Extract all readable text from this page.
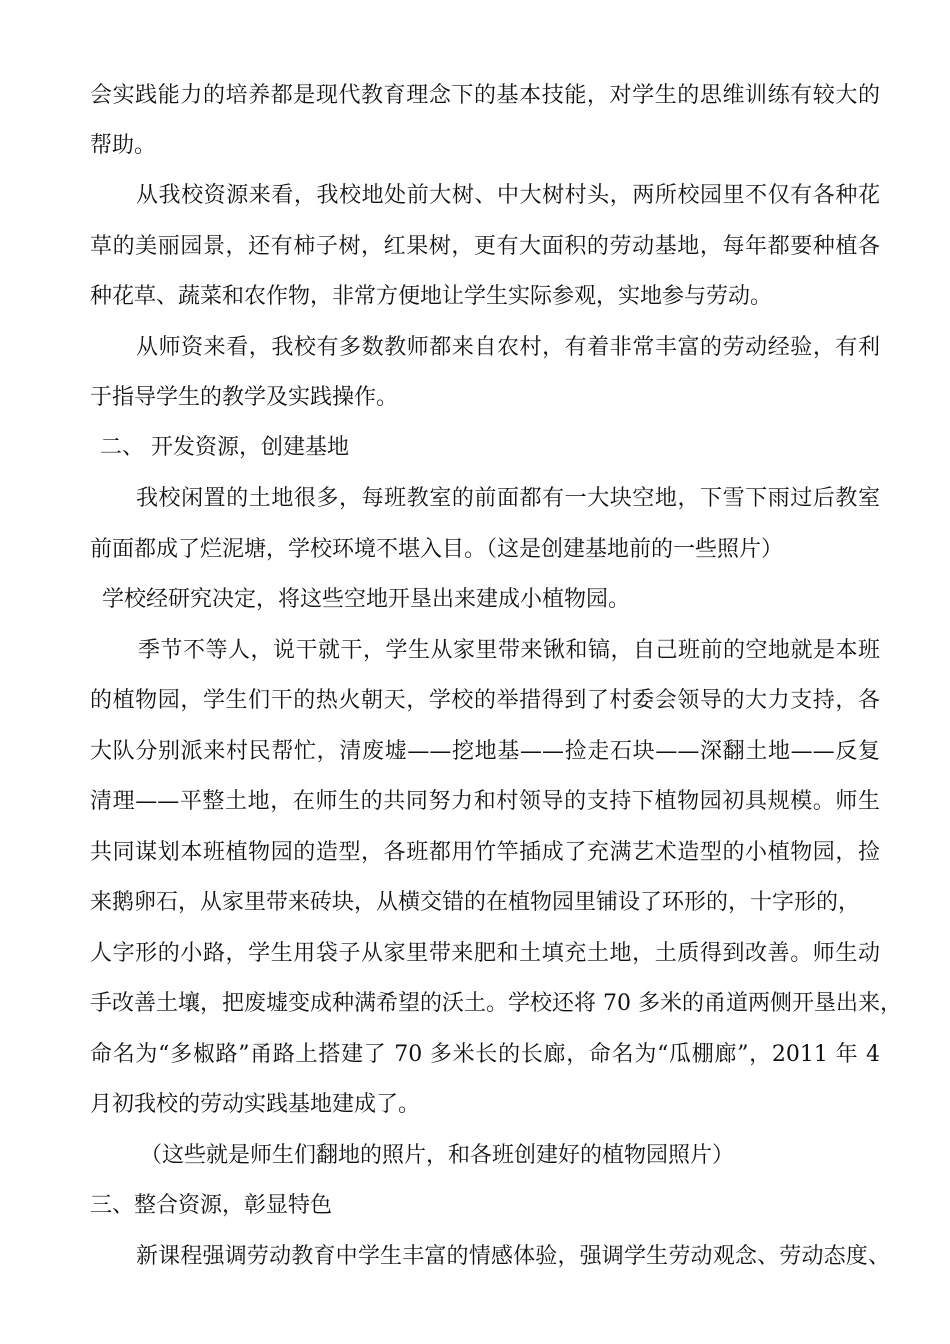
会实践能力的培养都是现代教育理念下的基本技能，对学生的思维训练有较大的
帮助。
从我校资源来看，我校地处前大树、中大树村头，两所校园里不仅有各种花
草的美丽园景，还有柿子树，红果树，更有大面积的劳动基地，每年都要种植各
种花草、蔬菜和农作物，非常方便地让学生实际参观，实地参与劳动。
从师资来看，我校有多数教师都来自农村，有着非常丰富的劳动经验，有利
于指导学生的教学及实践操作。
二、 开发资源，创建基地
我校闲置的土地很多，每班教室的前面都有一大块空地，下雪下雨过后教室
前面都成了烂泥塘，学校环境不堪入目。（这是创建基地前的一些照片）
学校经研究决定，将这些空地开垦出来建成小植物园。
季节不等人，说干就干，学生从家里带来锹和镐，自己班前的空地就是本班
的植物园，学生们干的热火朝天，学校的举措得到了村委会领导的大力支持，各
大队分别派来村民帮忙，清废墟——挖地基——捡走石块——深翻土地——反复
清理——平整土地，在师生的共同努力和村领导的支持下植物园初具规模。师生
共同谋划本班植物园的造型，各班都用竹竿插成了充满艺术造型的小植物园，捡
来鹅卵石，从家里带来砖块，从横交错的在植物园里铺设了环形的，十字形的，
人字形的小路，学生用袋子从家里带来肥和土填充土地，土质得到改善。师生动
手改善土壤，把废墟变成种满希望的沃土。学校还将 70 多米的甬道两侧开垦出来，
命名为“多椒路”甬路上搭建了 70 多米长的长廊，命名为“瓜棚廊”，2011 年 4
月初我校的劳动实践基地建成了。
（这些就是师生们翻地的照片，和各班创建好的植物园照片）
三、整合资源，彰显特色
新课程强调劳动教育中学生丰富的情感体验，强调学生劳动观念、劳动态度、
